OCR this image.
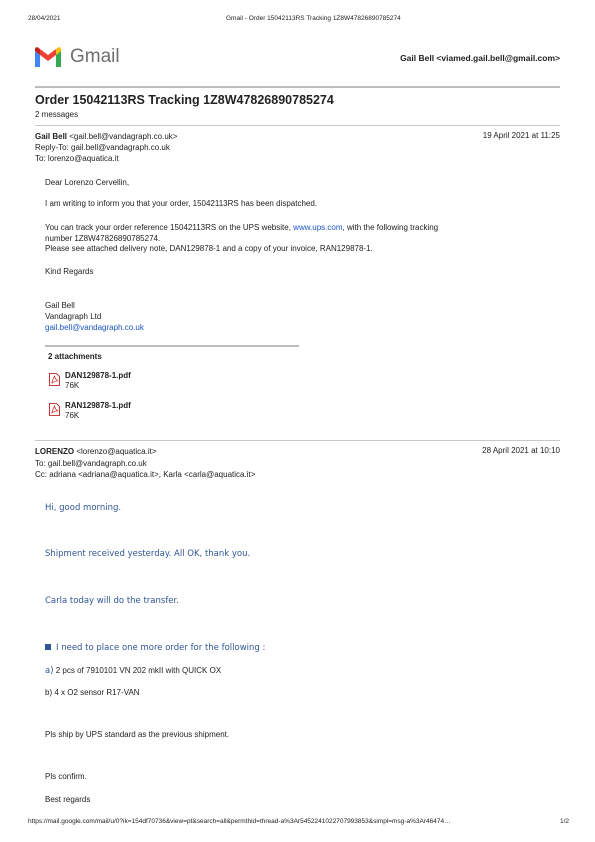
28/04/2021	Gmail - Order 15042113RS Tracking 1Z8W47826890785274
Gmail	Gail Bell <viamed.gail.bell@gmail.com>
Order 15042113RS Tracking 1Z8W47826890785274
2 messages
Gail Bell <gail.bell@vandagraph.co.uk>	19 April 2021 at 11:25
Reply-To: gail.bell@vandagraph.co.uk
To: lorenzo@aquatica.it
Dear Lorenzo Cervellin,
I am writing to inform you that your order, 15042113RS has been dispatched.
You can track your order reference 15042113RS on the UPS website, www.ups.com, with the following tracking
number 1Z8W47826890785274.
Please see attached delivery note, DAN129878-1 and a copy of your invoice, RAN129878-1.
Kind Regards
Gail Bell
Vandagraph Ltd
gail.bell@vandagraph.co.uk
2 attachments
DAN129878-1.pdf
76K
RAN129878-1.pdf
76K
LORENZO <lorenzo@aquatica.it>	28 April 2021 at 10:10
To: gail.bell@vandagraph.co.uk
Cc: adriana <adriana@aquatica.it>, Karla <carla@aquatica.it>
Hi, good morning.
Shipment received yesterday. All OK, thank you.
Carla today will do the transfer.
I need to place one more order for the following :
a) 2 pcs of 7910101 VN 202 mkII with QUICK OX
b) 4 x O2 sensor R17-VAN
Pls ship by UPS standard as the previous shipment.
Pls confirm.
Best regards
https://mail.google.com/mail/u/0?ik=154df70736&view=pt&search=all&permthid=thread-a%3Ar5452241022707993853&simpl=msg-a%3Ar46474…	1/2
